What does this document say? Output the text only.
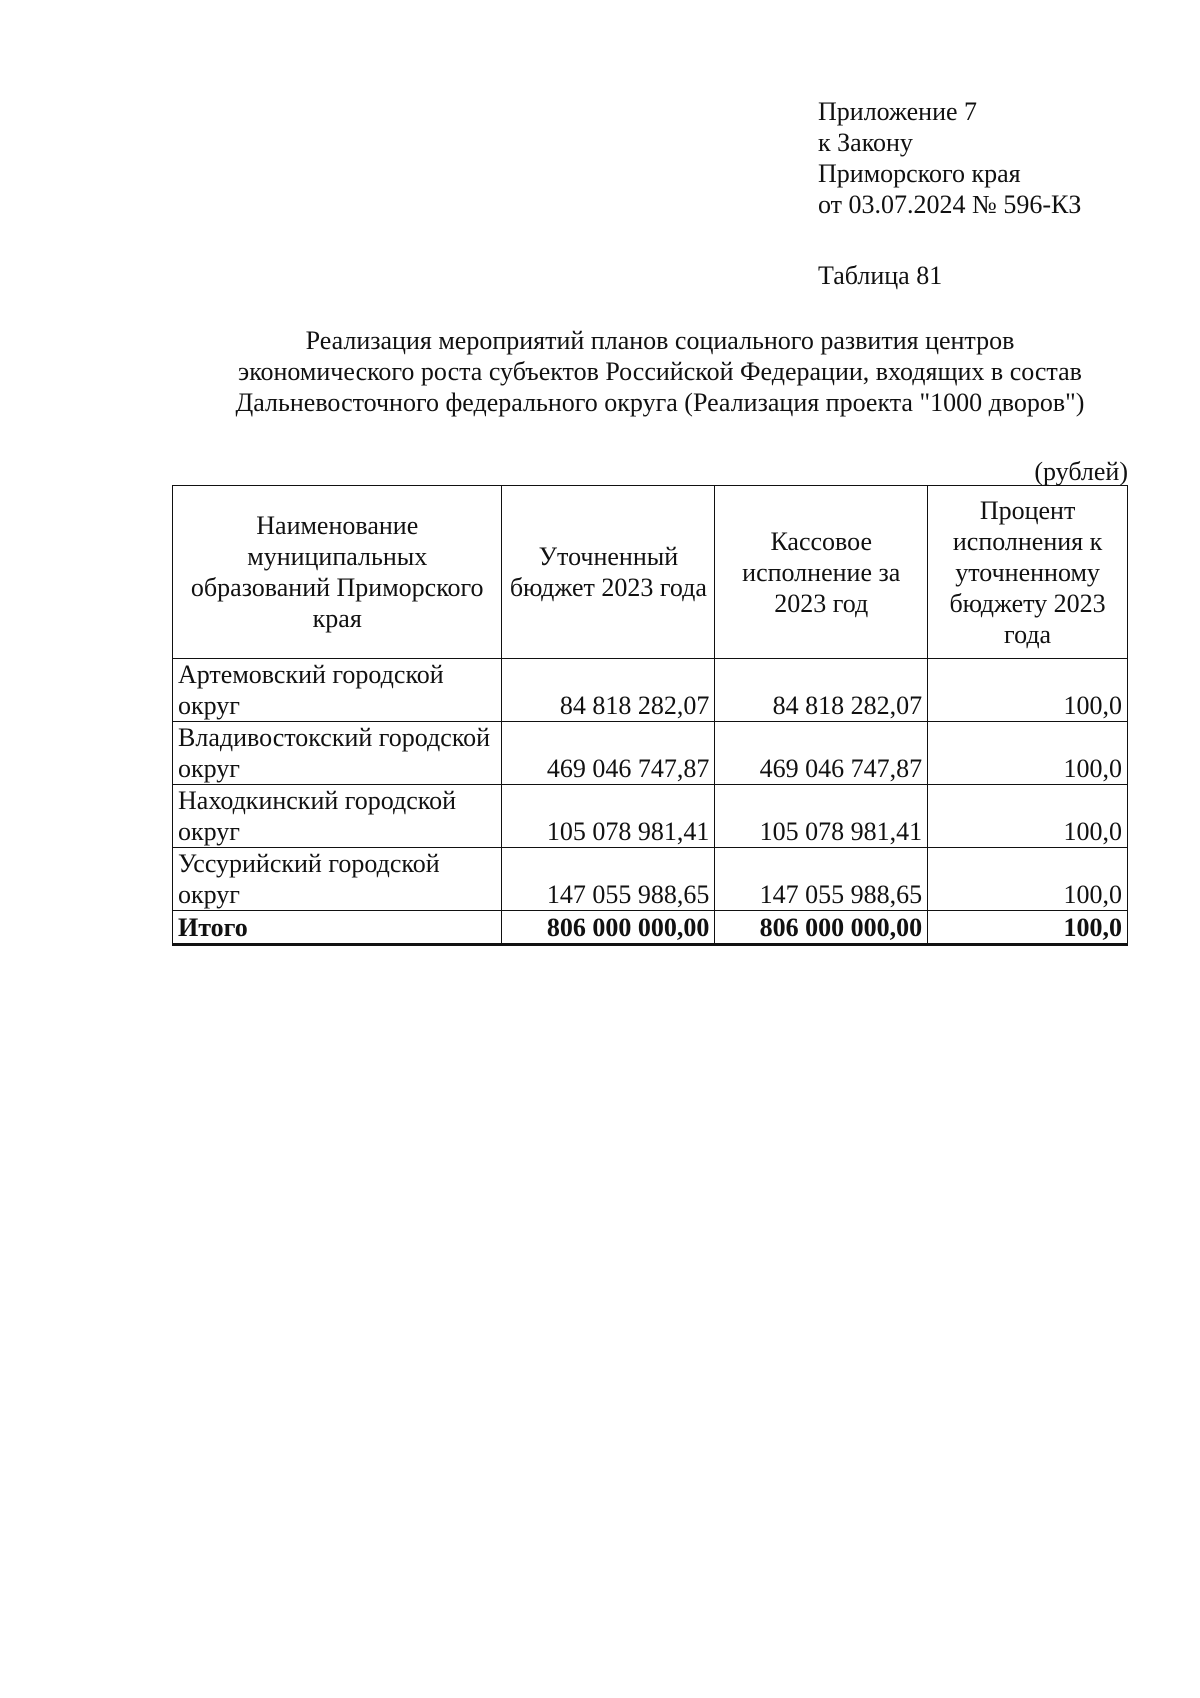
Приложение 7
к Закону
Приморского края
от 03.07.2024 № 596-КЗ
Таблица 81
Реализация мероприятий планов социального развития центров
экономического роста субъектов Российской Федерации, входящих в состав
Дальневосточного федерального округа (Реализация проекта "1000 дворов")
(рублей)
Наименование муниципальных образований Приморского края	Уточненный бюджет 2023 года	Кассовое исполнение за 2023 год	Процент исполнения к уточненному бюджету 2023 года
Артемовский городской округ	84 818 282,07	84 818 282,07	100,0
Владивостокский городской округ	469 046 747,87	469 046 747,87	100,0
Находкинский городской округ	105 078 981,41	105 078 981,41	100,0
Уссурийский городской округ	147 055 988,65	147 055 988,65	100,0
Итого	806 000 000,00	806 000 000,00	100,0
